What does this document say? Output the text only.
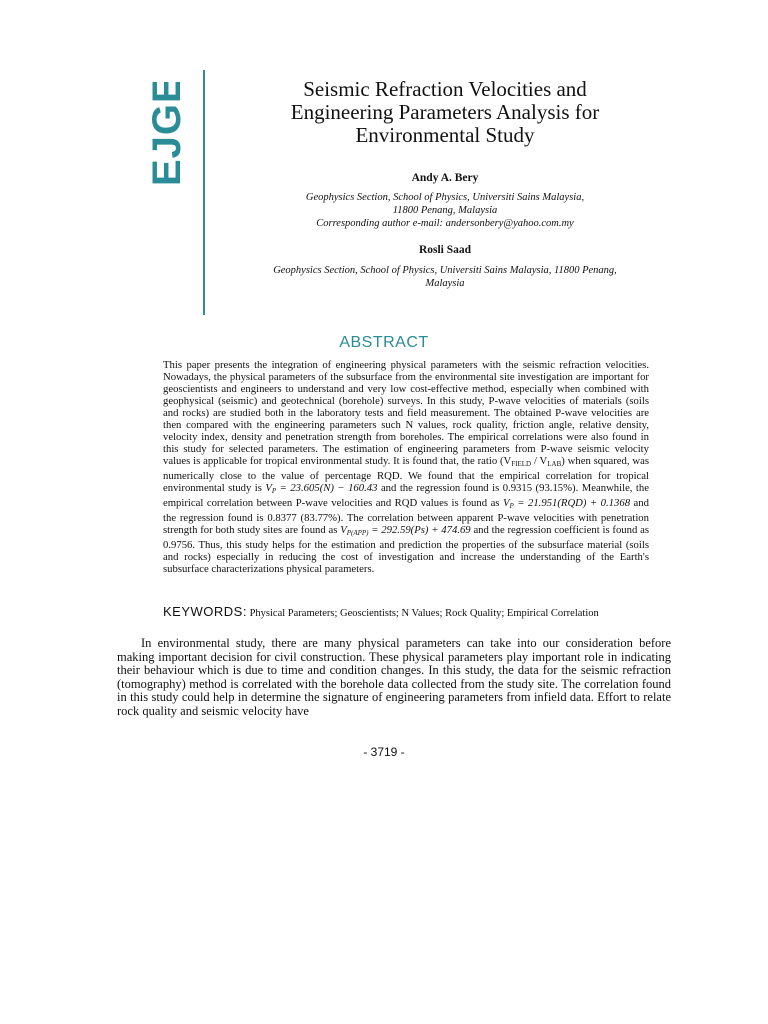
EJGE	Seismic Refraction Velocities and
Engineering Parameters Analysis for
Environmental Study
Andy A. Bery
Geophysics Section, School of Physics, Universiti Sains Malaysia,
11800 Penang, Malaysia
Corresponding author e-mail: andersonbery@yahoo.com.my
Rosli Saad
Geophysics Section, School of Physics, Universiti Sains Malaysia, 11800 Penang,
Malaysia
ABSTRACT

This paper presents the integration of engineering physical parameters with the seismic refraction velocities. Nowadays, the physical parameters of the subsurface from the environmental site investigation are important for geoscientists and engineers to understand and very low cost-effective method, especially when combined with geophysical (seismic) and geotechnical (borehole) surveys. In this study, P-wave velocities of materials (soils and rocks) are studied both in the laboratory tests and field measurement. The obtained P-wave velocities are then compared with the engineering parameters such N values, rock quality, friction angle, relative density, velocity index, density and penetration strength from boreholes. The empirical correlations were also found in this study for selected parameters. The estimation of engineering parameters from P-wave seismic velocity values is applicable for tropical environmental study. It is found that, the ratio $(V_{FIELD} / V_{LAB})$ when squared, was numerically close to the value of percentage RQD. We found that the empirical correlation for tropical environmental study is $V_P = 23.605(N) - 160.43$ and the regression found is 0.9315 (93.15%). Meanwhile, the empirical correlation between P-wave velocities and RQD values is found as $V_P = 21.951(RQD) + 0.1368$ and the regression found is 0.8377 (83.77%). The correlation between apparent P-wave velocities with penetration strength for both study sites are found as $V_{P(APP)} = 292.59(Ps) + 474.69$ and the regression coefficient is found as 0.9756. Thus, this study helps for the estimation and prediction the properties of the subsurface material (soils and rocks) especially in reducing the cost of investigation and increase the understanding of the Earth's subsurface characterizations physical parameters.

KEYWORDS: Physical Parameters; Geoscientists; N Values; Rock Quality; Empirical Correlation

In environmental study, there are many physical parameters can take into our consideration before making important decision for civil construction. These physical parameters play important role in indicating their behaviour which is due to time and condition changes. In this study, the data for the seismic refraction (tomography) method is correlated with the borehole data collected from the study site. The correlation found in this study could help in determine the signature of engineering parameters from infield data. Effort to relate rock quality and seismic velocity have

- 3719 -
